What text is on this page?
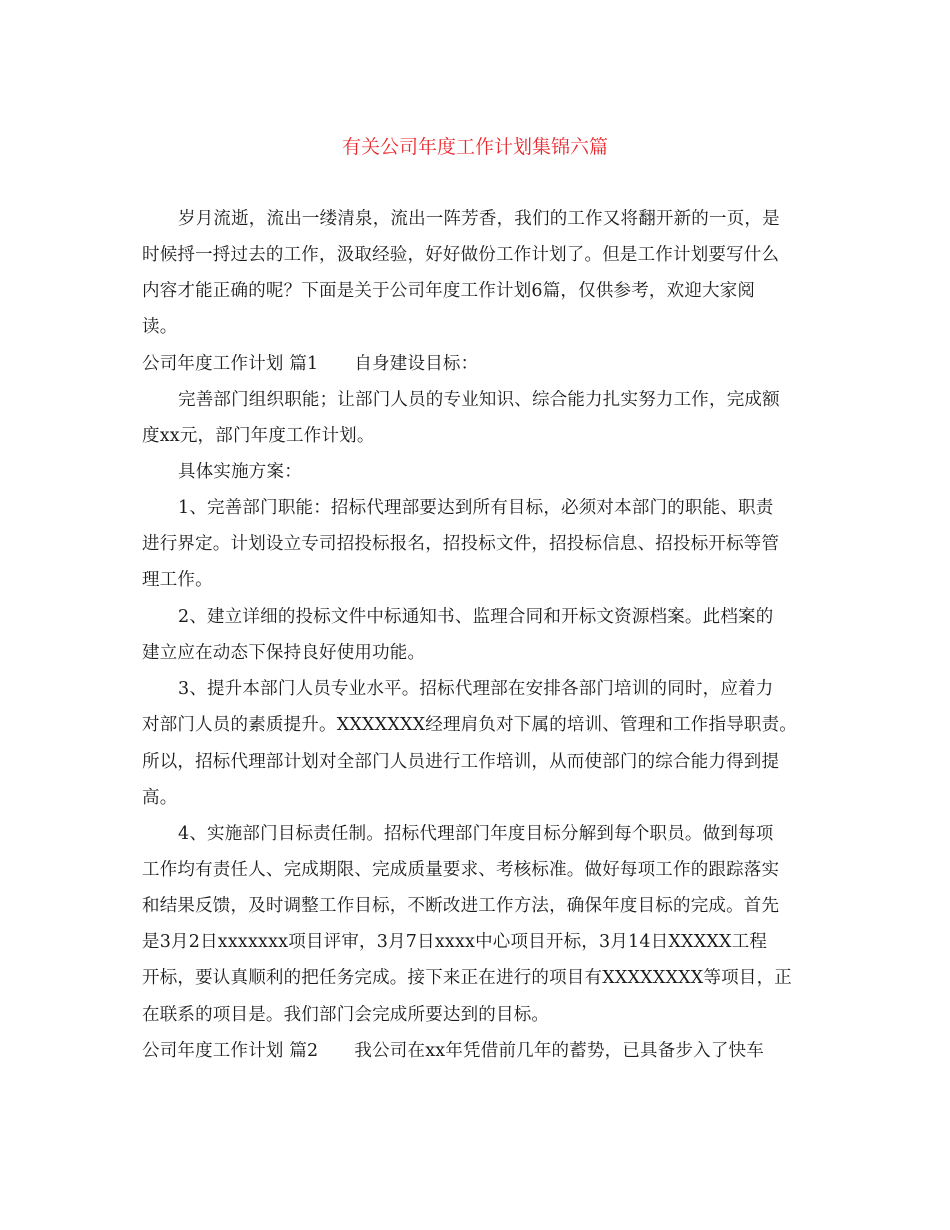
有关公司年度工作计划集锦六篇
岁月流逝，流出一缕清泉，流出一阵芳香，我们的工作又将翻开新的一页，是
时候捋一捋过去的工作，汲取经验，好好做份工作计划了。但是工作计划要写什么
内容才能正确的呢？下面是关于公司年度工作计划6篇，仅供参考，欢迎大家阅
读。
公司年度工作计划 篇1 自身建设目标：
完善部门组织职能；让部门人员的专业知识、综合能力扎实努力工作，完成额
度xx元，部门年度工作计划。
具体实施方案：
1、完善部门职能：招标代理部要达到所有目标，必须对本部门的职能、职责
进行界定。计划设立专司招投标报名，招投标文件，招投标信息、招投标开标等管
理工作。
2、建立详细的投标文件中标通知书、监理合同和开标文资源档案。此档案的
建立应在动态下保持良好使用功能。
3、提升本部门人员专业水平。招标代理部在安排各部门培训的同时，应着力
对部门人员的素质提升。XXXXXXX经理肩负对下属的培训、管理和工作指导职责。
所以，招标代理部计划对全部门人员进行工作培训，从而使部门的综合能力得到提
高。
4、实施部门目标责任制。招标代理部门年度目标分解到每个职员。做到每项
工作均有责任人、完成期限、完成质量要求、考核标准。做好每项工作的跟踪落实
和结果反馈，及时调整工作目标，不断改进工作方法，确保年度目标的完成。首先
是3月2日xxxxxxx项目评审，3月7日xxxx中心项目开标，3月14日XXXXX工程
开标，要认真顺利的把任务完成。接下来正在进行的项目有XXXXXXXX等项目，正
在联系的项目是。我们部门会完成所要达到的目标。
公司年度工作计划 篇2 我公司在xx年凭借前几年的蓄势，已具备步入了快车
